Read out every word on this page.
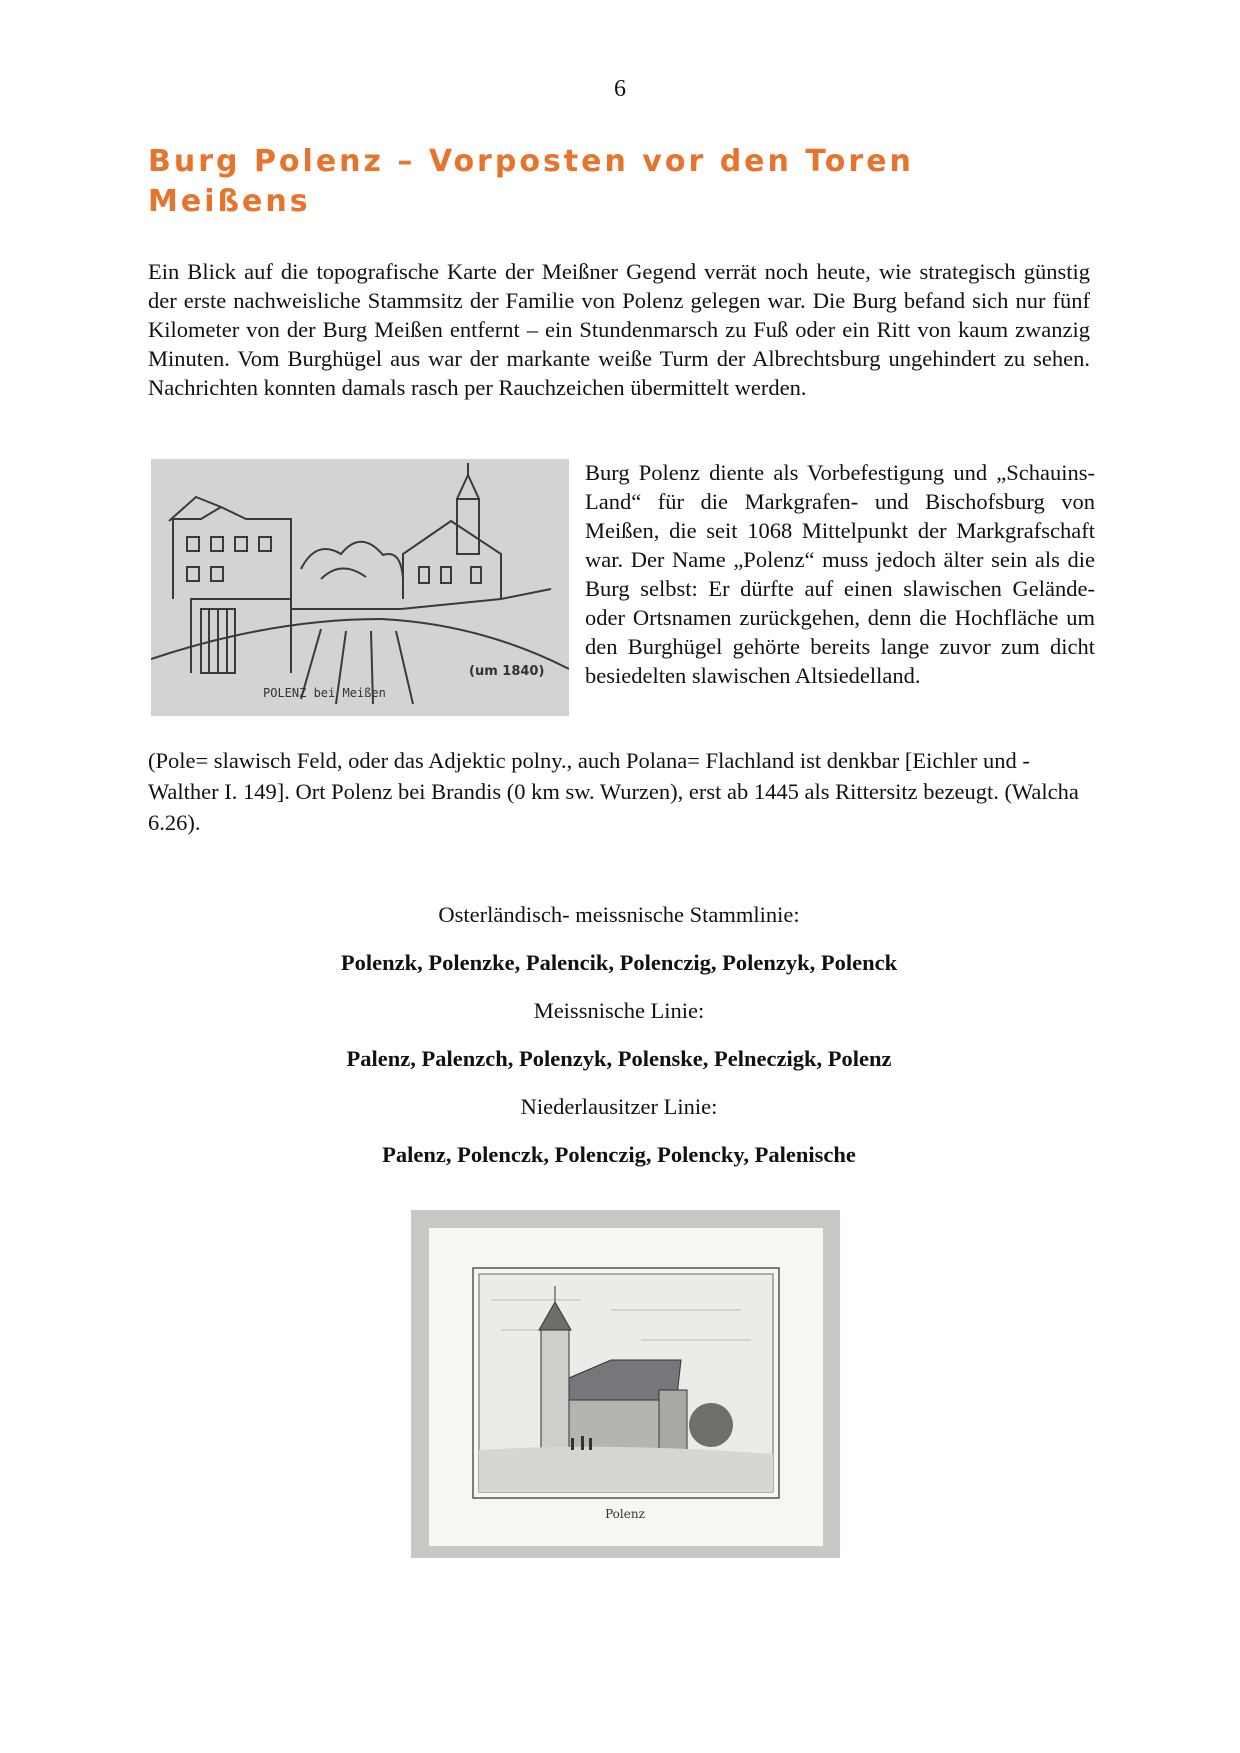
6
Burg Polenz – Vorposten vor den Toren Meißens

Ein Blick auf die topografische Karte der Meißner Gegend verrät noch heute, wie strategisch günstig der erste nachweisliche Stammsitz der Familie von Polenz gelegen war. Die Burg befand sich nur fünf Kilometer von der Burg Meißen entfernt – ein Stundenmarsch zu Fuß oder ein Ritt von kaum zwanzig Minuten. Vom Burghügel aus war der markante weiße Turm der Albrechtsburg ungehindert zu sehen. Nachrichten konnten damals rasch per Rauchzeichen übermittelt werden.

POLENZ bei Meißen
(um 1840)

Burg Polenz diente als Vorbefestigung und „Schauins-Land“ für die Markgrafen- und Bischofsburg von Meißen, die seit 1068 Mittelpunkt der Markgrafschaft war. Der Name „Polenz“ muss jedoch älter sein als die Burg selbst: Er dürfte auf einen slawischen Gelände- oder Ortsnamen zurückgehen, denn die Hochfläche um den Burghügel gehörte bereits lange zuvor zum dicht besiedelten slawischen Altsiedelland.

(Pole= slawisch Feld, oder das Adjektic polny., auch Polana= Flachland ist denkbar [Eichler und -Walther I. 149]. Ort Polenz bei Brandis (0 km sw. Wurzen), erst ab 1445 als Rittersitz bezeugt. (Walcha 6.26).

Osterländisch- meissnische Stammlinie:

Polenzk, Polenzke, Palencik, Polenczig, Polenzyk, Polenck

Meissnische Linie:

Palenz, Palenzch, Polenzyk, Polenske, Pelneczigk, Polenz

Niederlausitzer Linie:

Palenz, Polenczk, Polenczig, Polencky, Palenische

Polenz
